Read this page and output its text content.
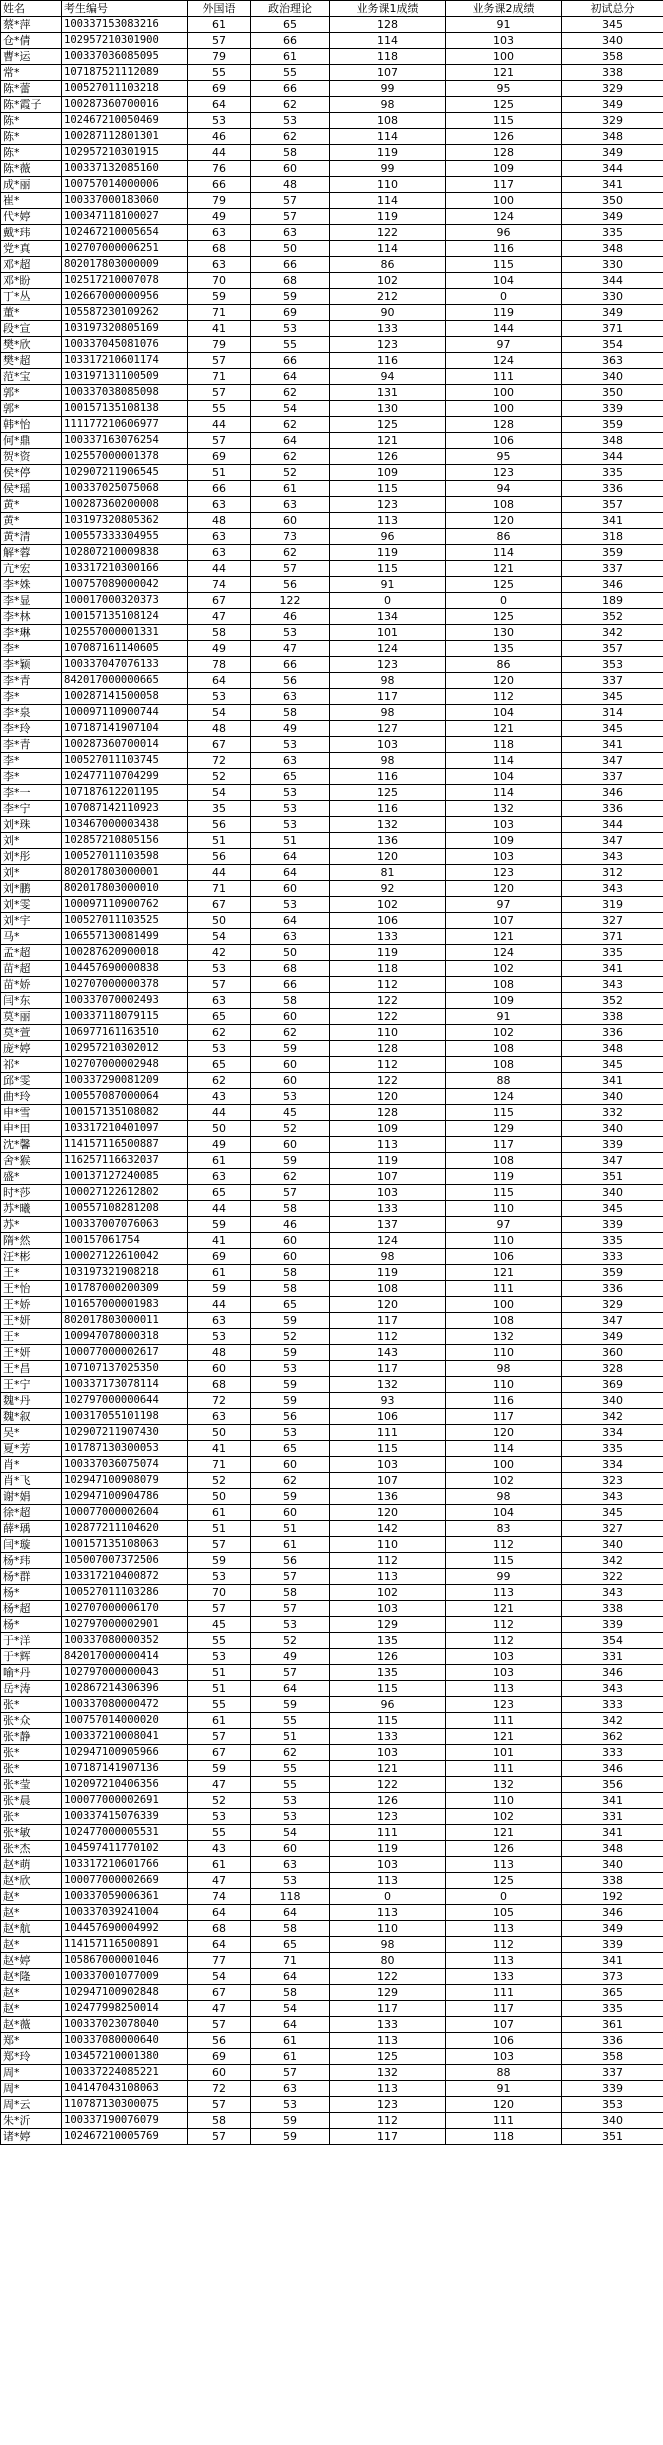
姓名	考生编号	外国语	政治理论	业务课1成绩	业务课2成绩	初试总分
蔡*萍	100337153083216	61	65	128	91	345
仓*倩	102957210301900	57	66	114	103	340
曹*运	100337036085095	79	61	118	100	358
常*	107187521112089	55	55	107	121	338
陈*蕾	100527011103218	69	66	99	95	329
陈*霞子	100287360700016	64	62	98	125	349
陈*	102467210050469	53	53	108	115	329
陈*	100287112801301	46	62	114	126	348
陈*	102957210301915	44	58	119	128	349
陈*薇	100337132085160	76	60	99	109	344
成*丽	100757014000006	66	48	110	117	341
崔*	100337000183060	79	57	114	100	350
代*婷	100347118100027	49	57	119	124	349
戴*玮	102467210005654	63	63	122	96	335
党*真	102707000006251	68	50	114	116	348
邓*超	802017803000009	63	66	86	115	330
邓*盼	102517210007078	70	68	102	104	344
丁*丛	102667000000956	59	59	212	0	330
董*	105587230109262	71	69	90	119	349
段*宣	103197320805169	41	53	133	144	371
樊*欣	100337045081076	79	55	123	97	354
樊*超	103317210601174	57	66	116	124	363
范*宝	103197131100509	71	64	94	111	340
郭*	100337038085098	57	62	131	100	350
郭*	100157135108138	55	54	130	100	339
韩*怡	111177210606977	44	62	125	128	359
何*鼎	100337163076254	57	64	121	106	348
贺*资	102557000001378	69	62	126	95	344
侯*停	102907211906545	51	52	109	123	335
侯*瑶	100337025075068	66	61	115	94	336
黄*	100287360200008	63	63	123	108	357
黄*	103197320805362	48	60	113	120	341
黄*清	100557333304955	63	73	96	86	318
解*蓉	102807210009838	63	62	119	114	359
亢*宏	103317210300166	44	57	115	121	337
李*姝	100757089000042	74	56	91	125	346
李*显	100017000320373	67	122	0	0	189
李*林	100157135108124	47	46	134	125	352
李*琳	102557000001331	58	53	101	130	342
李*	107087161140605	49	47	124	135	357
李*颖	100337047076133	78	66	123	86	353
李*青	842017000000665	64	56	98	120	337
李*	100287141500058	53	63	117	112	345
李*泉	100097110900744	54	58	98	104	314
李*玲	107187141907104	48	49	127	121	345
李*青	100287360700014	67	53	103	118	341
李*	100527011103745	72	63	98	114	347
李*	102477110704299	52	65	116	104	337
李*一	107187612201195	54	53	125	114	346
李*宁	107087142110923	35	53	116	132	336
刘*珠	103467000003438	56	53	132	103	344
刘*	102857210805156	51	51	136	109	347
刘*彤	100527011103598	56	64	120	103	343
刘*	802017803000001	44	64	81	123	312
刘*鹏	802017803000010	71	60	92	120	343
刘*雯	100097110900762	67	53	102	97	319
刘*宇	100527011103525	50	64	106	107	327
马*	106557130081499	54	63	133	121	371
孟*超	100287620900018	42	50	119	124	335
苗*超	104457690000838	53	68	118	102	341
苗*娇	102707000000378	57	66	112	108	343
闫*东	100337070002493	63	58	122	109	352
莫*丽	100337118079115	65	60	122	91	338
莫*萱	106977161163510	62	62	110	102	336
庞*婷	102957210302012	53	59	128	108	348
祁*	102707000002948	65	60	112	108	345
邱*雯	100337290081209	62	60	122	88	341
曲*玲	100557087000064	43	53	120	124	340
申*雪	100157135108082	44	45	128	115	332
申*田	103317210401097	50	52	109	129	340
沈*馨	114157116500887	49	60	113	117	339
舍*猴	116257116632037	61	59	119	108	347
盛*	100137127240085	63	62	107	119	351
时*莎	100027122612802	65	57	103	115	340
苏*曦	100557108281208	44	58	133	110	345
苏*	100337007076063	59	46	137	97	339
隋*然	100157061754	41	60	124	110	335
汪*彬	100027122610042	69	60	98	106	333
王*	103197321908218	61	58	119	121	359
王*怡	101787000200309	59	58	108	111	336
王*娇	101657000001983	44	65	120	100	329
王*妍	802017803000011	63	59	117	108	347
王*	100947078000318	53	52	112	132	349
王*妍	100077000002617	48	59	143	110	360
王*昌	107107137025350	60	53	117	98	328
王*宁	100337173078114	68	59	132	110	369
魏*丹	102797000000644	72	59	93	116	340
魏*叙	100317055101198	63	56	106	117	342
吴*	102907211907430	50	53	111	120	334
夏*芳	101787130300053	41	65	115	114	335
肖*	100337036075074	71	60	103	100	334
肖*飞	102947100908079	52	62	107	102	323
谢*娟	102947100904786	50	59	136	98	343
徐*超	100077000002604	61	60	120	104	345
薛*瑀	102877211104620	51	51	142	83	327
闫*璇	100157135108063	57	61	110	112	340
杨*玮	105007007372506	59	56	112	115	342
杨*群	103317210400872	53	57	113	99	322
杨*	100527011103286	70	58	102	113	343
杨*超	102707000006170	57	57	103	121	338
杨*	102797000002901	45	53	129	112	339
于*洋	100337080000352	55	52	135	112	354
于*辉	842017000000414	53	49	126	103	331
喻*丹	102797000000043	51	57	135	103	346
岳*涛	102867214306396	51	64	115	113	343
张*	100337080000472	55	59	96	123	333
张*众	100757014000020	61	55	115	111	342
张*静	100337210008041	57	51	133	121	362
张*	102947100905966	67	62	103	101	333
张*	107187141907136	59	55	121	111	346
张*莹	102097210406356	47	55	122	132	356
张*晨	100077000002691	52	53	126	110	341
张*	100337415076339	53	53	123	102	331
张*敏	102477000005531	55	54	111	121	341
张*杰	104597411770102	43	60	119	126	348
赵*萌	103317210601766	61	63	103	113	340
赵*欣	100077000002669	47	53	113	125	338
赵*	100337059006361	74	118	0	0	192
赵*	100337039241004	64	64	113	105	346
赵*航	104457690004992	68	58	110	113	349
赵*	114157116500891	64	65	98	112	339
赵*婷	105867000001046	77	71	80	113	341
赵*隆	100337001077009	54	64	122	133	373
赵*	102947100902848	67	58	129	111	365
赵*	102477998250014	47	54	117	117	335
赵*薇	100337023078040	57	64	133	107	361
郑*	100337080000640	56	61	113	106	336
郑*玲	103457210001380	69	61	125	103	358
周*	100337224085221	60	57	132	88	337
周*	104147043108063	72	63	113	91	339
周*云	110787130300075	57	53	123	120	353
朱*沂	100337190076079	58	59	112	111	340
诸*婷	102467210005769	57	59	117	118	351
